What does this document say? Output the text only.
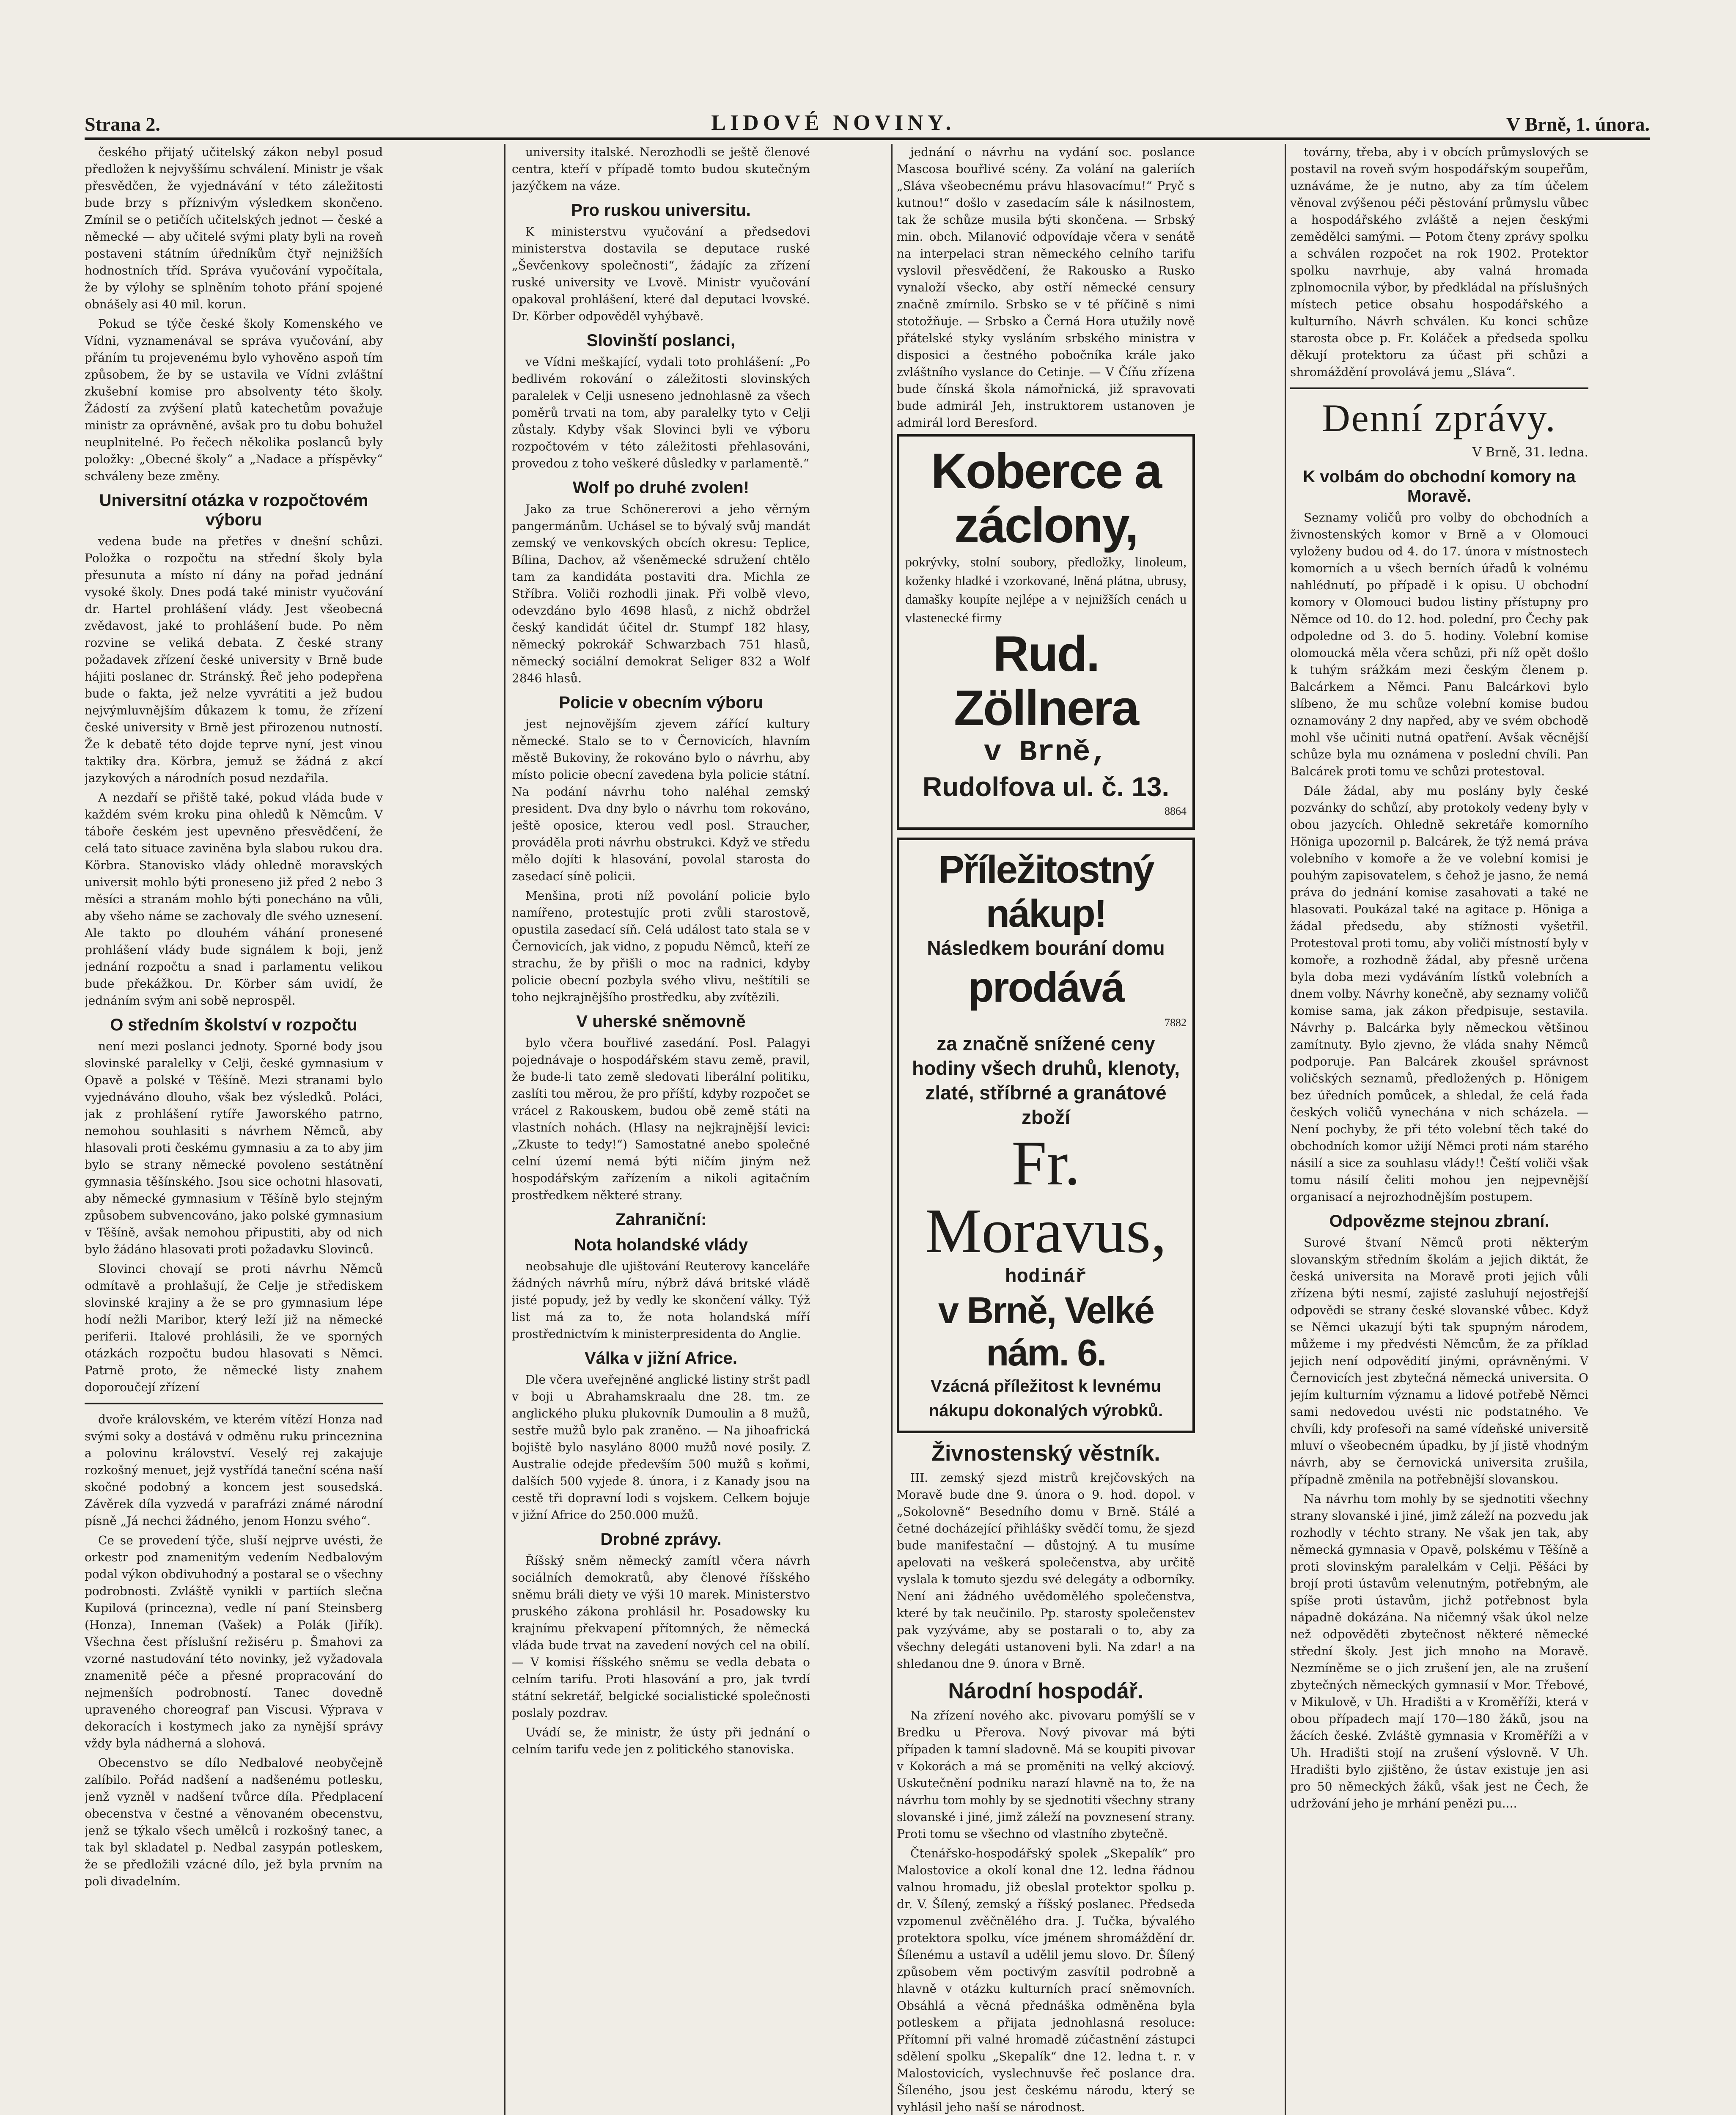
Strana 2.	LIDOVÉ NOVINY.	V Brně, 1. února.

českého přijatý učitelský zákon nebyl posud předložen k nejvyššímu schválení. Ministr je však přesvědčen, že vyjednávání v této záležitosti bude brzy s příznivým výsledkem skončeno. Zmínil se o petičích učitelských jednot — české a německé — aby učitelé svými platy byli na roveň postaveni státním úředníkům čtyř nejnižších hodnostních tříd. Správa vyučování vypočítala, že by výlohy se splněním tohoto přání spojené obnášely asi 40 mil. korun.

Pokud se týče české školy Komenského ve Vídni, vyznamenával se správa vyučování, aby přáním tu projevenému bylo vyhověno aspoň tím způsobem, že by se ustavila ve Vídni zvláštní zkušební komise pro absolventy této školy. Žádostí za zvýšení platů katechetům považuje ministr za oprávněné, avšak pro tu dobu bohužel neuplnitelné. Po řečech několika poslanců byly položky: „Obecné školy“ a „Nadace a příspěvky“ schváleny beze změny.

Universitní otázka v rozpočtovém výboru

vedena bude na přetřes v dnešní schůzi. Položka o rozpočtu na střední školy byla přesunuta a místo ní dány na pořad jednání vysoké školy. Dnes podá také ministr vyučování dr. Hartel prohlášení vlády. Jest všeobecná zvědavost, jaké to prohlášení bude. Po něm rozvine se veliká debata. Z české strany požadavek zřízení české university v Brně bude hájiti poslanec dr. Stránský. Řeč jeho podepřena bude o fakta, jež nelze vyvrátiti a jež budou nejvýmluvnějším důkazem k tomu, že zřízení české university v Brně jest přirozenou nutností. Že k debatě této dojde teprve nyní, jest vinou taktiky dra. Körbra, jemuž se žádná z akcí jazykových a národních posud nezdařila.

A nezdaří se přiště také, pokud vláda bude v každém svém kroku pina ohledů k Němcům. V táboře českém jest upevněno přesvědčení, že celá tato situace zaviněna byla slabou rukou dra. Körbra. Stanovisko vlády ohledně moravských universit mohlo býti proneseno již před 2 nebo 3 měsíci a stranám mohlo býti ponecháno na vůli, aby všeho náme se zachovaly dle svého uznesení. Ale takto po dlouhém váhání pronesené prohlášení vlády bude signálem k boji, jenž jednání rozpočtu a snad i parlamentu velikou bude překážkou. Dr. Körber sám uvidí, že jednáním svým ani sobě neprospěl.

O středním školství v rozpočtu

není mezi poslanci jednoty. Sporné body jsou slovinské paralelky v Celji, české gymnasium v Opavě a polské v Těšíně. Mezi stranami bylo vyjednáváno dlouho, však bez výsledků. Poláci, jak z prohlášení rytíře Jaworského patrno, nemohou souhlasiti s návrhem Němců, aby hlasovali proti českému gymnasiu a za to aby jim bylo se strany německé povoleno sestátnění gymnasia těšínského. Jsou sice ochotni hlasovati, aby německé gymnasium v Těšíně bylo stejným způsobem subvencováno, jako polské gymnasium v Těšíně, avšak nemohou připustiti, aby od nich bylo žádáno hlasovati proti požadavku Slovinců.

Slovinci chovají se proti návrhu Němců odmítavě a prohlašují, že Celje je střediskem slovinské krajiny a že se pro gymnasium lépe hodí nežli Maribor, který leží již na německé periferii. Italové prohlásili, že ve sporných otázkách rozpočtu budou hlasovati s Němci. Patrně proto, že německé listy znahem doporoučejí zřízení

dvoře královském, ve kterém vítězí Honza nad svými soky a dostává v odměnu ruku princeznina a polovinu království. Veselý rej zakajuje rozkošný menuet, jejž vystřídá taneční scéna naší skočné podobný a koncem jest sousedská. Závěrek díla vyzvedá v parafrázi známé národní písně „Já nechci žádného, jenom Honzu svého“.

Ce se provedení týče, sluší nejprve uvésti, že orkestr pod znamenitým vedením Nedbalovým podal výkon obdivuhodný a postaral se o všechny podrobnosti. Zvláště vynikli v partiích slečna Kupilová (princezna), vedle ní paní Steinsberg (Honza), Inneman (Vašek) a Polák (Jiřík). Všechna čest příslušní režiséru p. Šmahovi za vzorné nastudování této novinky, jež vyžadovala znamenitě péče a přesné propracování do nejmenších podrobností. Tanec dovedně upraveného choreograf pan Viscusi. Výprava v dekoracích i kostymech jako za nynější správy vždy byla nádherná a slohová.

Obecenstvo se dílo Nedbalové neobyčejně zalíbilo. Pořád nadšení a nadšenému potlesku, jenž vyzněl v nadšení tvůrce díla. Předplacení obecenstva v čestné a věnovaném obecenstvu, jenž se týkalo všech umělců i rozkošný tanec, a tak byl skladatel p. Nedbal zasypán potleskem, že se předložili vzácné dílo, jež byla prvním na poli divadelním.

university italské. Nerozhodli se ještě členové centra, kteří v případě tomto budou skutečným jazýčkem na váze.

Pro ruskou universitu.

K ministerstvu vyučování a předsedovi ministerstva dostavila se deputace ruské „Ševčenkovy společnosti“, žádajíc za zřízení ruské university ve Lvově. Ministr vyučování opakoval prohlášení, které dal deputaci lvovské. Dr. Körber odpověděl vyhýbavě.

Slovinští poslanci,

ve Vídni meškající, vydali toto prohlášení: „Po bedlivém rokování o záležitosti slovinských paralelek v Celji usneseno jednohlasně za všech poměrů trvati na tom, aby paralelky tyto v Celji zůstaly. Kdyby však Slovinci byli ve výboru rozpočtovém v této záležitosti přehlasováni, provedou z toho veškeré důsledky v parlamentě.“

Wolf po druhé zvolen!

Jako za true Schönererovi a jeho věrným pangermánům. Uchásel se to bývalý svůj mandát zemský ve venkovských obcích okresu: Teplice, Bílina, Dachov, až všeněmecké sdružení chtělo tam za kandidáta postaviti dra. Michla ze Stříbra. Voliči rozhodli jinak. Při volbě vlevo, odevzdáno bylo 4698 hlasů, z nichž obdržel český kandidát účitel dr. Stumpf 182 hlasy, německý pokrokář Schwarzbach 751 hlasů, německý sociální demokrat Seliger 832 a Wolf 2846 hlasů.

Policie v obecním výboru

jest nejnovějším zjevem zářící kultury německé. Stalo se to v Černovicích, hlavním městě Bukoviny, že rokováno bylo o návrhu, aby místo policie obecní zavedena byla policie státní. Na podání návrhu toho naléhal zemský president. Dva dny bylo o návrhu tom rokováno, ještě oposice, kterou vedl posl. Straucher, prováděla proti návrhu obstrukci. Když ve středu mělo dojíti k hlasování, povolal starosta do zasedací síně policii.

Menšina, proti níž povolání policie bylo namířeno, protestujíc proti zvůli starostově, opustila zasedací síň. Celá událost tato stala se v Černovicích, jak vidno, z popudu Němců, kteří ze strachu, že by přišli o moc na radnici, kdyby policie obecní pozbyla svého vlivu, neštítili se toho nejkrajnějšího prostředku, aby zvítězili.

V uherské sněmovně

bylo včera bouřlivé zasedání. Posl. Palagyi pojednávaje o hospodářském stavu země, pravil, že bude-li tato země sledovati liberální politiku, zaslíti tou měrou, že pro příští, kdyby rozpočet se vrácel z Rakouskem, budou obě země státi na vlastních nohách. (Hlasy na nejkrajnější levici: „Zkuste to tedy!“) Samostatné anebo společné celní území nemá býti ničím jiným než hospodářským zařízením a nikoli agitačním prostředkem některé strany.

Zahraniční:
Nota holandské vlády

neobsahuje dle ujištování Reuterovy kanceláře žádných návrhů míru, nýbrž dává britské vládě jisté popudy, jež by vedly ke skončení války. Týž list má za to, že nota holandská míří prostřednictvím k ministerpresidenta do Anglie.

Válka v jižní Africe.

Dle včera uveřejněné anglické listiny stršt padl v boji u Abrahamskraalu dne 28. tm. ze anglického pluku plukovník Dumoulin a 8 mužů, sestře mužů bylo pak zraněno. — Na jihoafrická bojiště bylo nasyláno 8000 mužů nové posily. Z Australie odejde především 500 mužů s koňmi, dalších 500 vyjede 8. února, i z Kanady jsou na cestě tři dopravní lodi s vojskem. Celkem bojuje v jižní Africe do 250.000 mužů.

Drobné zprávy.

Říšský sněm německý zamítl včera návrh sociálních demokratů, aby členové říšského sněmu bráli diety ve výši 10 marek. Ministerstvo pruského zákona prohlásil hr. Posadowsky ku krajnímu překvapení přítomných, že německá vláda bude trvat na zavedení nových cel na obilí. — V komisi říšského sněmu se vedla debata o celním tarifu. Proti hlasování a pro, jak tvrdí státní sekretář, belgické socialistické společnosti poslaly pozdrav.

Uvádí se, že ministr, že ústy při jednání o celním tarifu vede jen z politického stanoviska.

jednání o návrhu na vydání soc. poslance Mascosa bouřlivé scény. Za volání na galeriích „Sláva všeobecnému právu hlasovacímu!“ Pryč s kutnou!“ došlo v zasedacím sále k násilnostem, tak že schůze musila býti skončena. — Srbský min. obch. Milanović odpovídaje včera v senátě na interpelaci stran německého celního tarifu vyslovil přesvědčení, že Rakousko a Rusko vynaloží všecko, aby ostří německé censury značně zmírnilo. Srbsko se v té příčině s nimi stotožňuje. — Srbsko a Černá Hora utužily nově přátelské styky vysláním srbského ministra v disposici a čestného pobočníka krále jako zvláštního vyslance do Cetinje. — V Číňu zřízena bude čínská škola námořnická, již spravovati bude admirál Jeh, instruktorem ustanoven je admirál lord Beresford.

Koberce a záclony,
pokrývky, stolní soubory, předložky, linoleum, koženky hladké i vzorkované, lněná plátna, ubrusy, damašky koupíte nejlépe a v nejnižších cenách u vlastenecké firmy
Rud. Zöllnera
v Brně,
Rudolfova ul. č. 13.
8864
Příležitostný nákup!
Následkem bourání domu
prodává
7882
za značně snížené ceny hodiny všech druhů, klenoty, zlaté, stříbrné a granátové zboží
Fr. Moravus,
hodinář
v Brně, Velké nám. 6.
Vzácná příležitost k levnému nákupu dokonalých výrobků.
Živnostenský věstník.

III. zemský sjezd mistrů krejčovských na Moravě bude dne 9. února o 9. hod. dopol. v „Sokolovně“ Besedního domu v Brně. Stálé a četné docházející přihlášky svědčí tomu, že sjezd bude manifestační — důstojný. A tu musíme apelovati na veškerá společenstva, aby určitě vyslala k tomuto sjezdu své delegáty a odborníky. Není ani žádného uvědomělého společenstva, které by tak neučinilo. Pp. starosty společenstev pak vyzýváme, aby se postarali o to, aby za všechny delegáti ustanoveni byli. Na zdar! a na shledanou dne 9. února v Brně.

Národní hospodář.

Na zřízení nového akc. pivovaru pomýšlí se v Bredku u Přerova. Nový pivovar má býti případen k tamní sladovně. Má se koupiti pivovar v Kokorách a má se proměniti na velký akciový. Uskutečnění podniku narazí hlavně na to, že na návrhu tom mohly by se sjednotiti všechny strany slovanské i jiné, jimž záleží na povznesení strany. Proti tomu se všechno od vlastního zbytečně.

Čtenářsko-hospodářský spolek „Skepalík“ pro Malostovice a okolí konal dne 12. ledna řádnou valnou hromadu, již obeslal protektor spolku p. dr. V. Šílený, zemský a říšský poslanec. Předseda vzpomenul zvěčnělého dra. J. Tučka, bývalého protektora spolku, více jménem shromáždění dr. Šílenému a ustavíl a udělil jemu slovo. Dr. Šílený způsobem věm poctivým zasvítil podrobně a hlavně v otázku kulturních prací sněmovních. Obsáhlá a věcná přednáška odměněna byla potleskem a přijata jednohlasná resoluce: Přítomní při valné hromadě zúčastnění zástupci sdělení spolku „Skepalík“ dne 12. ledna t. r. v Malostovicích, vyslechnuvše řeč poslance dra. Šíleného, jsou jest českému národu, který se vyhlásil jeho naší se národnost.

továrny, třeba, aby i v obcích průmyslových se postavil na roveň svým hospodářským soupeřům, uznáváme, že je nutno, aby za tím účelem věnoval zvýšenou péči pěstování průmyslu vůbec a hospodářského zvláště a nejen českými zemědělci samými. — Potom čteny zprávy spolku a schválen rozpočet na rok 1902. Protektor spolku navrhuje, aby valná hromada zplnomocnila výbor, by předkládal na příslušných místech petice obsahu hospodářského a kulturního. Návrh schválen. Ku konci schůze starosta obce p. Fr. Koláček a předseda spolku děkují protektoru za účast při schůzi a shromáždění provolává jemu „Sláva“.

Denní zprávy.
V Brně, 31. ledna.
K volbám do obchodní komory na Moravě.

Seznamy voličů pro volby do obchodních a živnostenských komor v Brně a v Olomouci vyloženy budou od 4. do 17. února v místnostech komorních a u všech berních úřadů k volnému nahlédnutí, po případě i k opisu. U obchodní komory v Olomouci budou listiny přístupny pro Němce od 10. do 12. hod. polední, pro Čechy pak odpoledne od 3. do 5. hodiny. Volební komise olomoucká měla včera schůzi, při níž opět došlo k tuhým srážkám mezi českým členem p. Balcárkem a Němci. Panu Balcárkovi bylo slíbeno, že mu schůze volební komise budou oznamovány 2 dny napřed, aby ve svém obchodě mohl vše učiniti nutná opatření. Avšak věcnější schůze byla mu oznámena v poslední chvíli. Pan Balcárek proti tomu ve schůzi protestoval.

Dále žádal, aby mu poslány byly české pozvánky do schůzí, aby protokoly vedeny byly v obou jazycích. Ohledně sekretáře komorního Höniga upozornil p. Balcárek, že týž nemá práva volebního v komoře a že ve volební komisi je pouhým zapisovatelem, s čehož je jasno, že nemá práva do jednání komise zasahovati a také ne hlasovati. Poukázal také na agitace p. Höniga a žádal předsedu, aby stížnosti vyšetřil. Protestoval proti tomu, aby voliči místností byly v komoře, a rozhodně žádal, aby přesně určena byla doba mezi vydáváním lístků volebních a dnem volby. Návrhy konečně, aby seznamy voličů komise sama, jak zákon předpisuje, sestavila. Návrhy p. Balcárka byly německou většinou zamítnuty. Bylo zjevno, že vláda snahy Němců podporuje. Pan Balcárek zkoušel správnost voličských seznamů, předložených p. Hönigem bez úředních pomůcek, a shledal, že celá řada českých voličů vynechána v nich scházela. — Není pochyby, že při této volební těch také do obchodních komor užijí Němci proti nám starého násilí a sice za souhlasu vlády!! Čeští voliči však tomu násilí čeliti mohou jen nejpevnější organisací a nejrozhodnějším postupem.

Odpovězme stejnou zbraní.

Surové štvaní Němců proti některým slovanským středním školám a jejich diktát, že česká universita na Moravě proti jejich vůli zřízena býti nesmí, zajisté zasluhují nejostřejší odpovědi se strany české slovanské vůbec. Když se Němci ukazují býti tak spupným národem, můžeme i my předvésti Němcům, že za příklad jejich není odpovědití jinými, oprávněnými. V Černovicích jest zbytečná německá universita. O jejím kulturním významu a lidové potřebě Němci sami nedovedou uvésti nic podstatného. Ve chvíli, kdy profesoři na samé vídeňské universitě mluví o všeobecném úpadku, by jí jistě vhodným návrh, aby se černovická universita zrušila, případně změnila na potřebnější slovanskou.

Na návrhu tom mohly by se sjednotiti všechny strany slovanské i jiné, jimž záleží na pozvedu jak rozhodly v téchto strany. Ne však jen tak, aby německá gymnasia v Opavě, polskému v Těšíně a proti slovinským paralelkám v Celji. Pěšáci by brojí proti ústavům velenutným, potřebným, ale spíše proti ústavům, jichž potřebnost byla nápadně dokázána. Na ničemný však úkol nelze než odpověděti zbytečnost některé německé střední školy. Jest jich mnoho na Moravě. Nezmíněme se o jich zrušení jen, ale na zrušení zbytečných německých gymnasií v Mor. Třebové, v Mikulově, v Uh. Hradišti a v Kroměříži, která v obou případech mají 170—180 žáků, jsou na žácích české. Zvláště gymnasia v Kroměříži a v Uh. Hradišti stojí na zrušení výslovně. V Uh. Hradišti bylo zjištěno, že ústav existuje jen asi pro 50 německých žáků, však jest ne Čech, že udržování jeho je mrhání penězi pu....
